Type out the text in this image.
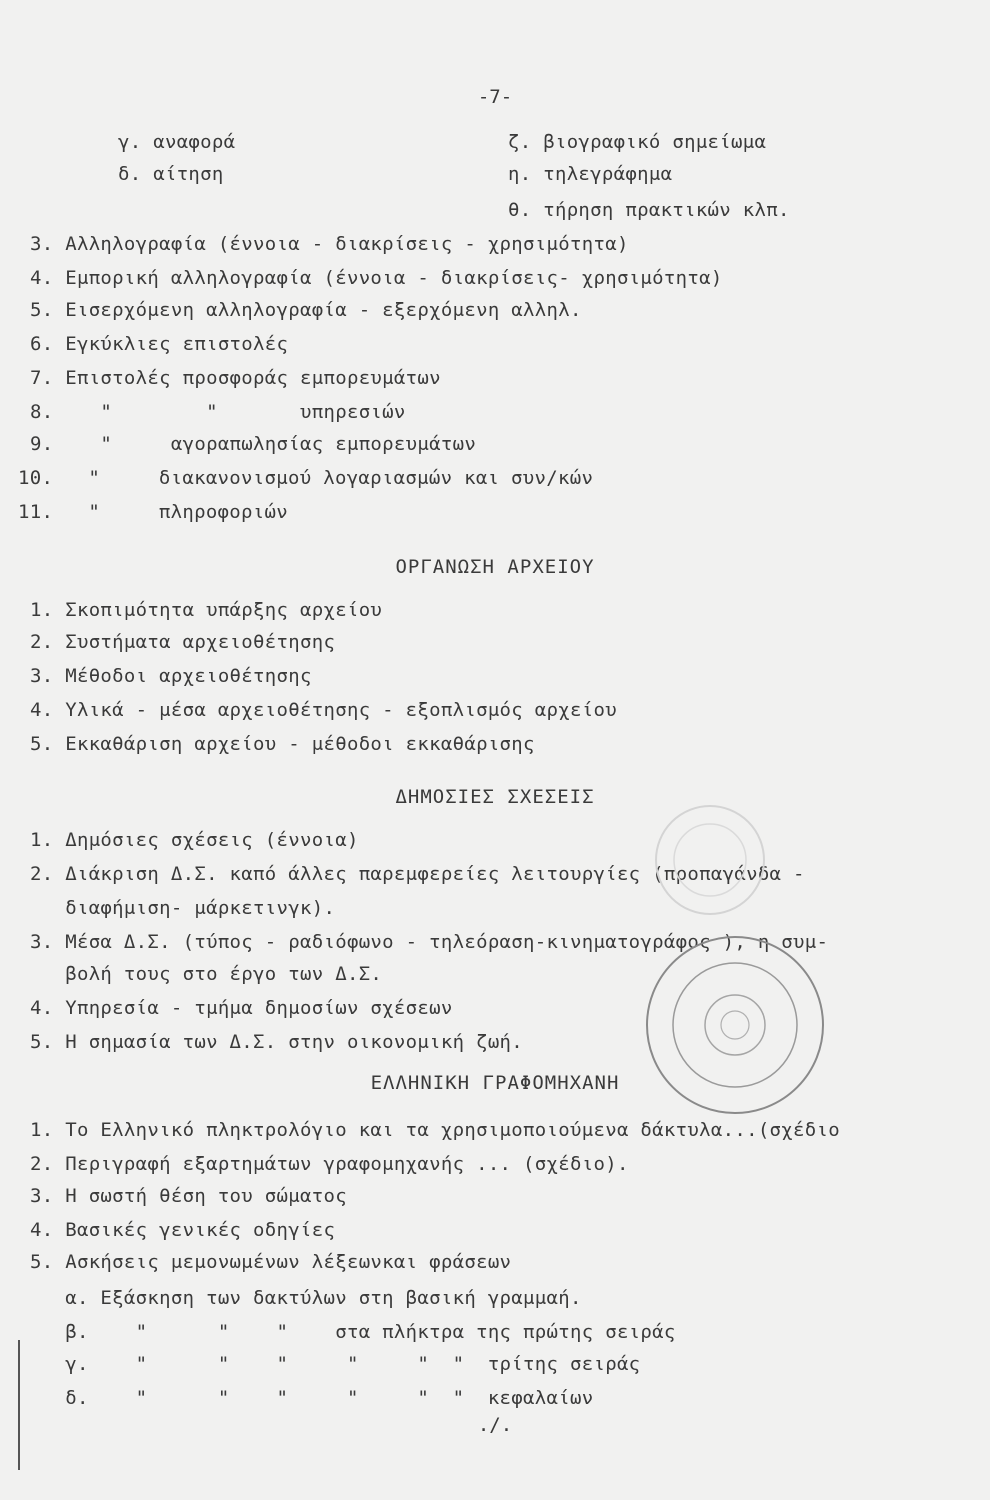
-7-
γ. αναφορά
δ. αίτηση
ζ. βιογραφικό σημείωμα
η. τηλεγράφημα
θ. τήρηση πρακτικών κλπ.
3. Αλληλογραφία (έννοια - διακρίσεις - χρησιμότητα)
4. Εμπορική αλληλογραφία (έννοια - διακρίσεις- χρησιμότητα)
5. Εισερχόμενη αλληλογραφία - εξερχόμενη αλληλ.
6. Εγκύκλιες επιστολές
7. Επιστολές προσφοράς εμπορευμάτων
8.    "        "       υπηρεσιών
9.    "     αγοραπωλησίας εμπορευμάτων
10.   "     διακανονισμού λογαριασμών και συν/κών
11.   "     πληροφοριών
ΟΡΓΑΝΩΣΗ ΑΡΧΕΙΟΥ
1. Σκοπιμότητα υπάρξης αρχείου
2. Συστήματα αρχειοθέτησης
3. Μέθοδοι αρχειοθέτησης
4. Υλικά - μέσα αρχειοθέτησης - εξοπλισμός αρχείου
5. Εκκαθάριση αρχείου - μέθοδοι εκκαθάρισης
ΔΗΜΟΣΙΕΣ ΣΧΕΣΕΙΣ
1. Δημόσιες σχέσεις (έννοια)
2. Διάκριση Δ.Σ. καπό άλλες παρεμφερείες λειτουργίες (προπαγάνδα -
διαφήμιση- μάρκετινγκ).
3. Μέσα Δ.Σ. (τύπος - ραδιόφωνο - τηλεόραση-κινηματογράφος ), η συμ-
βολή τους στο έργο των Δ.Σ.
4. Υπηρεσία - τμήμα δημοσίων σχέσεων
5. Η σημασία των Δ.Σ. στην οικονομική ζωή.
ΕΛΛΗΝΙΚΗ ΓΡΑΦΟΜΗΧΑΝΗ
1. Το Ελληνικό πληκτρολόγιο και τα χρησιμοποιούμενα δάκτυλα...(σχέδιο
2. Περιγραφή εξαρτημάτων γραφομηχανής ... (σχέδιο).
3. Η σωστή θέση του σώματος
4. Βασικές γενικές οδηγίες
5. Ασκήσεις μεμονωμένων λέξεωνκαι φράσεων
α. Εξάσκηση των δακτύλων στη βασική γραμμαή.
β.    "      "    "    στα πλήκτρα της πρώτης σειράς
γ.    "      "    "     "     "  "  τρίτης σειράς
δ.    "      "    "     "     "  "  κεφαλαίων
./.
